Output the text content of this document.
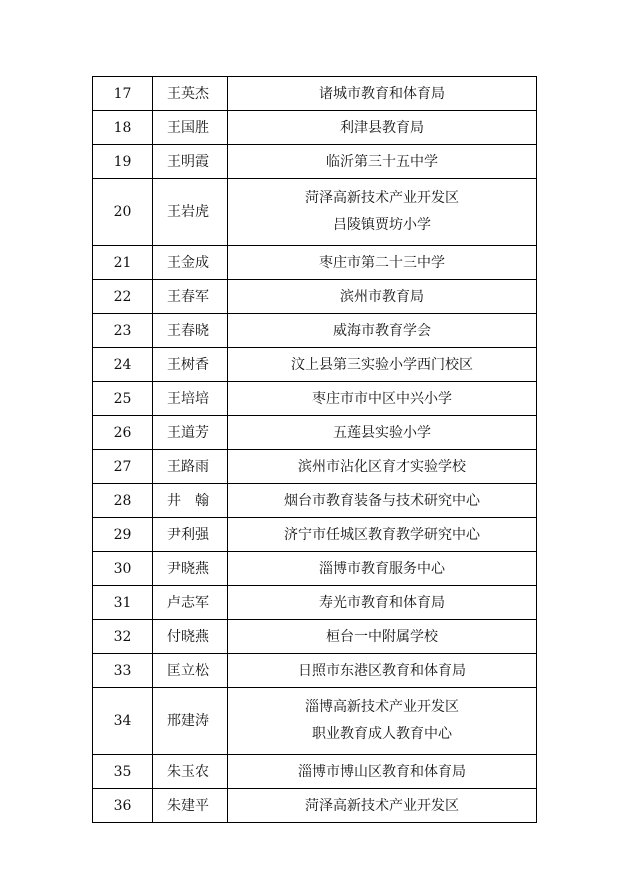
17	王英杰	诸城市教育和体育局
18	王国胜	利津县教育局
19	王明霞	临沂第三十五中学
20	王岩虎	菏泽高新技术产业开发区
吕陵镇贾坊小学

21	王金成	枣庄市第二十三中学
22	王春军	滨州市教育局
23	王春晓	威海市教育学会
24	王树香	汶上县第三实验小学西门校区
25	王培培	枣庄市市中区中兴小学
26	王道芳	五莲县实验小学
27	王路雨	滨州市沾化区育才实验学校
28	井　翰	烟台市教育装备与技术研究中心
29	尹利强	济宁市任城区教育教学研究中心
30	尹晓燕	淄博市教育服务中心
31	卢志军	寿光市教育和体育局
32	付晓燕	桓台一中附属学校
33	匡立松	日照市东港区教育和体育局
34	邢建涛	淄博高新技术产业开发区
职业教育成人教育中心

35	朱玉农	淄博市博山区教育和体育局
36	朱建平	菏泽高新技术产业开发区
